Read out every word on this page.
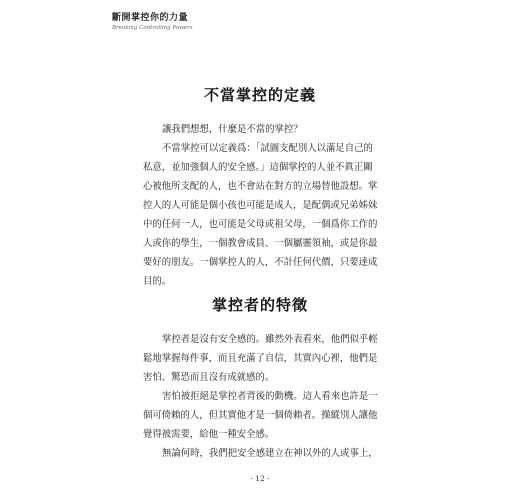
斷開掌控你的力量
Breaking Controlling Powers
不當掌控的定義

讓我們想想，什麼是不當的掌控？

不當掌控可以定義爲：「試圖支配別人以滿足自己的
私意，並加強個人的安全感。」這個掌控的人並不眞正關
心被他所支配的人，也不會站在對方的立場替他設想。掌
控人的人可能是個小孩也可能是成人，是配偶或兄弟姊妹
中的任何一人，也可能是父母或祖父母，一個爲你工作的
人或你的學生，一個教會成員、一個屬靈領袖，或是你最
要好的朋友。一個掌控人的人，不計任何代價，只要達成
目的。

掌控者的特徵

掌控者是沒有安全感的。雖然外表看來，他們似乎輕
鬆地掌握每件事，而且充滿了自信，其實內心裡，他們是
害怕、驚恐而且沒有成就感的。

害怕被拒絕是掌控者背後的動機。這人看來也許是一
個可倚賴的人，但其實他才是一個倚賴者。操縱別人讓他
覺得被需要，給他一種安全感。

無論何時，我們把安全感建立在神以外的人或事上，

- 12 -
